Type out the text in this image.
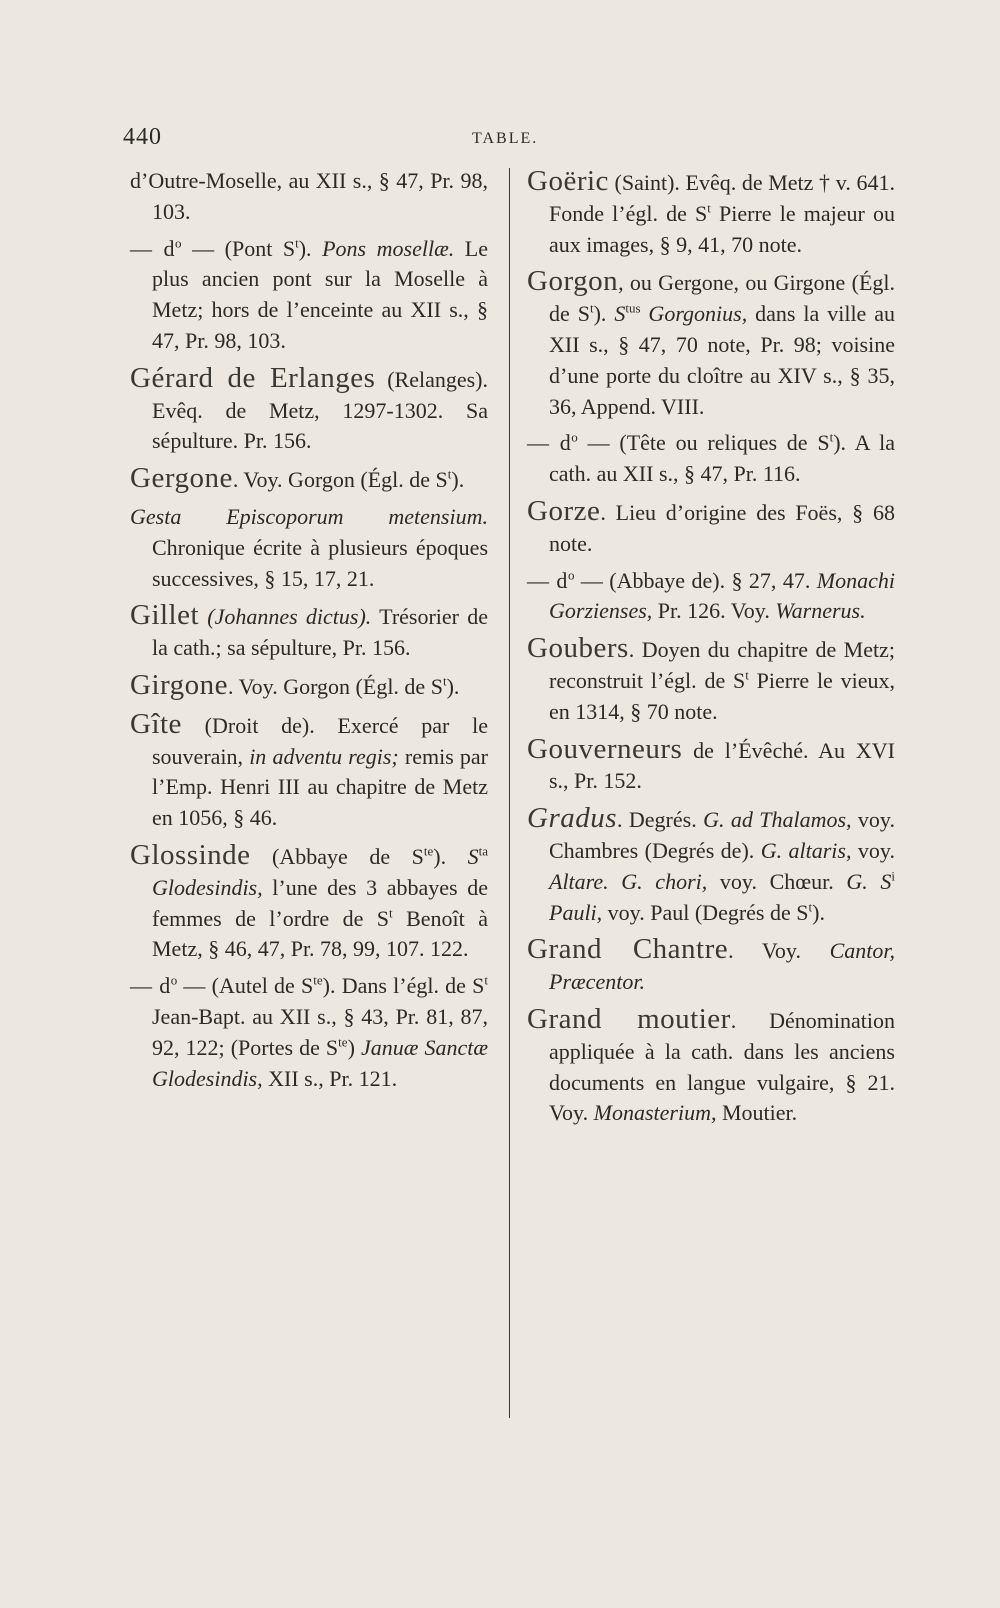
440	TABLE.

d’Outre-Moselle, au XII s., § 47, Pr. 98, 103.

— $d^o$ — (Pont $S^t$). Pons mosellæ. Le plus ancien pont sur la Moselle à Metz; hors de l’enceinte au XII s., § 47, Pr. 98, 103.

Gérard de Erlanges (Relanges). Evêq. de Metz, 1297-1302. Sa sépulture. Pr. 156.

Gergone. Voy. Gorgon (Égl. de $S^t$).

Gesta Episcoporum metensium. Chronique écrite à plusieurs époques successives, § 15, 17, 21.

Gillet (Johannes dictus). Trésorier de la cath.; sa sépulture, Pr. 156.

Girgone. Voy. Gorgon (Égl. de $S^t$).

Gîte (Droit de). Exercé par le souverain, in adventu regis; remis par l’Emp. Henri III au chapitre de Metz en 1056, § 46.

Glossinde (Abbaye de $S^{te}$). $S^{ta}$ Glodesindis, l’une des 3 abbayes de femmes de l’ordre de $S^t$ Benoît à Metz, § 46, 47, Pr. 78, 99, 107. 122.

— $d^o$ — (Autel de $S^{te}$). Dans l’égl. de $S^t$ Jean-Bapt. au XII s., § 43, Pr. 81, 87, 92, 122; (Portes de $S^{te}$) Januæ Sanctæ Glodesindis, XII s., Pr. 121.

Goëric (Saint). Evêq. de Metz † v. 641. Fonde l’égl. de $S^t$ Pierre le majeur ou aux images, § 9, 41, 70 note.

Gorgon, ou Gergone, ou Girgone (Égl. de $S^t$). $S^{tus}$ Gorgonius, dans la ville au XII s., § 47, 70 note, Pr. 98; voisine d’une porte du cloître au XIV s., § 35, 36, Append. VIII.

— $d^o$ — (Tête ou reliques de $S^t$). A la cath. au XII s., § 47, Pr. 116.

Gorze. Lieu d’origine des Foës, § 68 note.

— $d^o$ — (Abbaye de). § 27, 47. Monachi Gorzienses, Pr. 126. Voy. Warnerus.

Goubers. Doyen du chapitre de Metz; reconstruit l’égl. de $S^t$ Pierre le vieux, en 1314, § 70 note.

Gouverneurs de l’Évêché. Au XVI s., Pr. 152.

Gradus. Degrés. G. ad Thalamos, voy. Chambres (Degrés de). G. altaris, voy. Altare. G. chori, voy. Chœur. G. $S^i$ Pauli, voy. Paul (Degrés de $S^t$).

Grand Chantre. Voy. Cantor, Præcentor.

Grand moutier. Dénomination appliquée à la cath. dans les anciens documents en langue vulgaire, § 21. Voy. Monasterium, Moutier.
